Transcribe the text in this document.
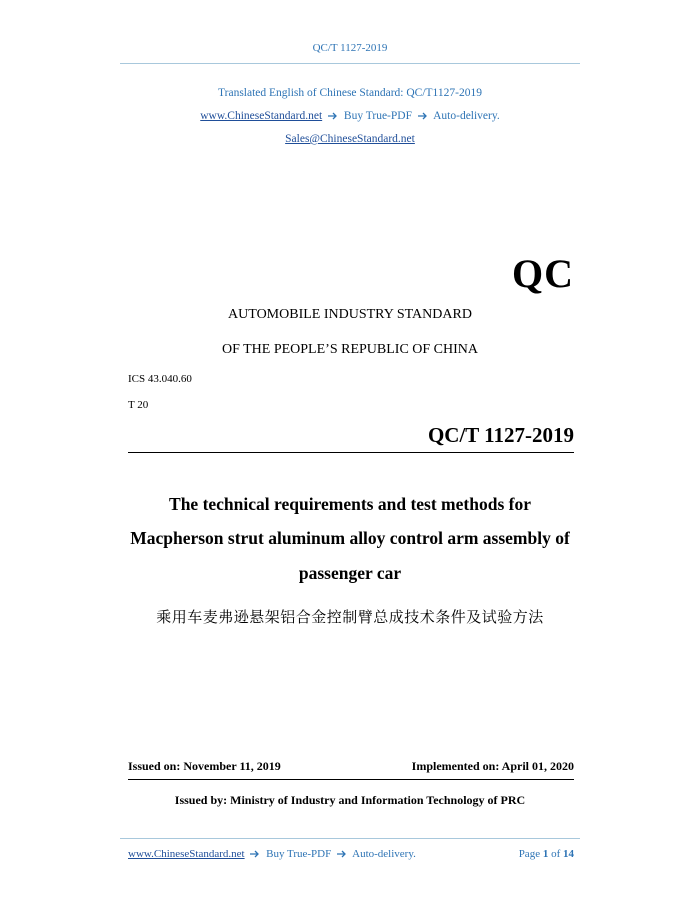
QC/T 1127-2019
Translated English of Chinese Standard: QC/T1127-2019
www.ChineseStandard.net Buy True-PDF Auto-delivery.
Sales@ChineseStandard.net
QC
AUTOMOBILE INDUSTRY STANDARD
OF THE PEOPLE’S REPUBLIC OF CHINA
ICS 43.040.60
T 20
QC/T 1127-2019
The technical requirements and test methods for
Macpherson strut aluminum alloy control arm assembly of
passenger car
乘用车麦弗逊悬架铝合金控制臂总成技术条件及试验方法
Issued on: November 11, 2019	Implemented on: April 01, 2020
Issued by: Ministry of Industry and Information Technology of PRC
www.ChineseStandard.net Buy True-PDF Auto-delivery.	Page 1 of 14
